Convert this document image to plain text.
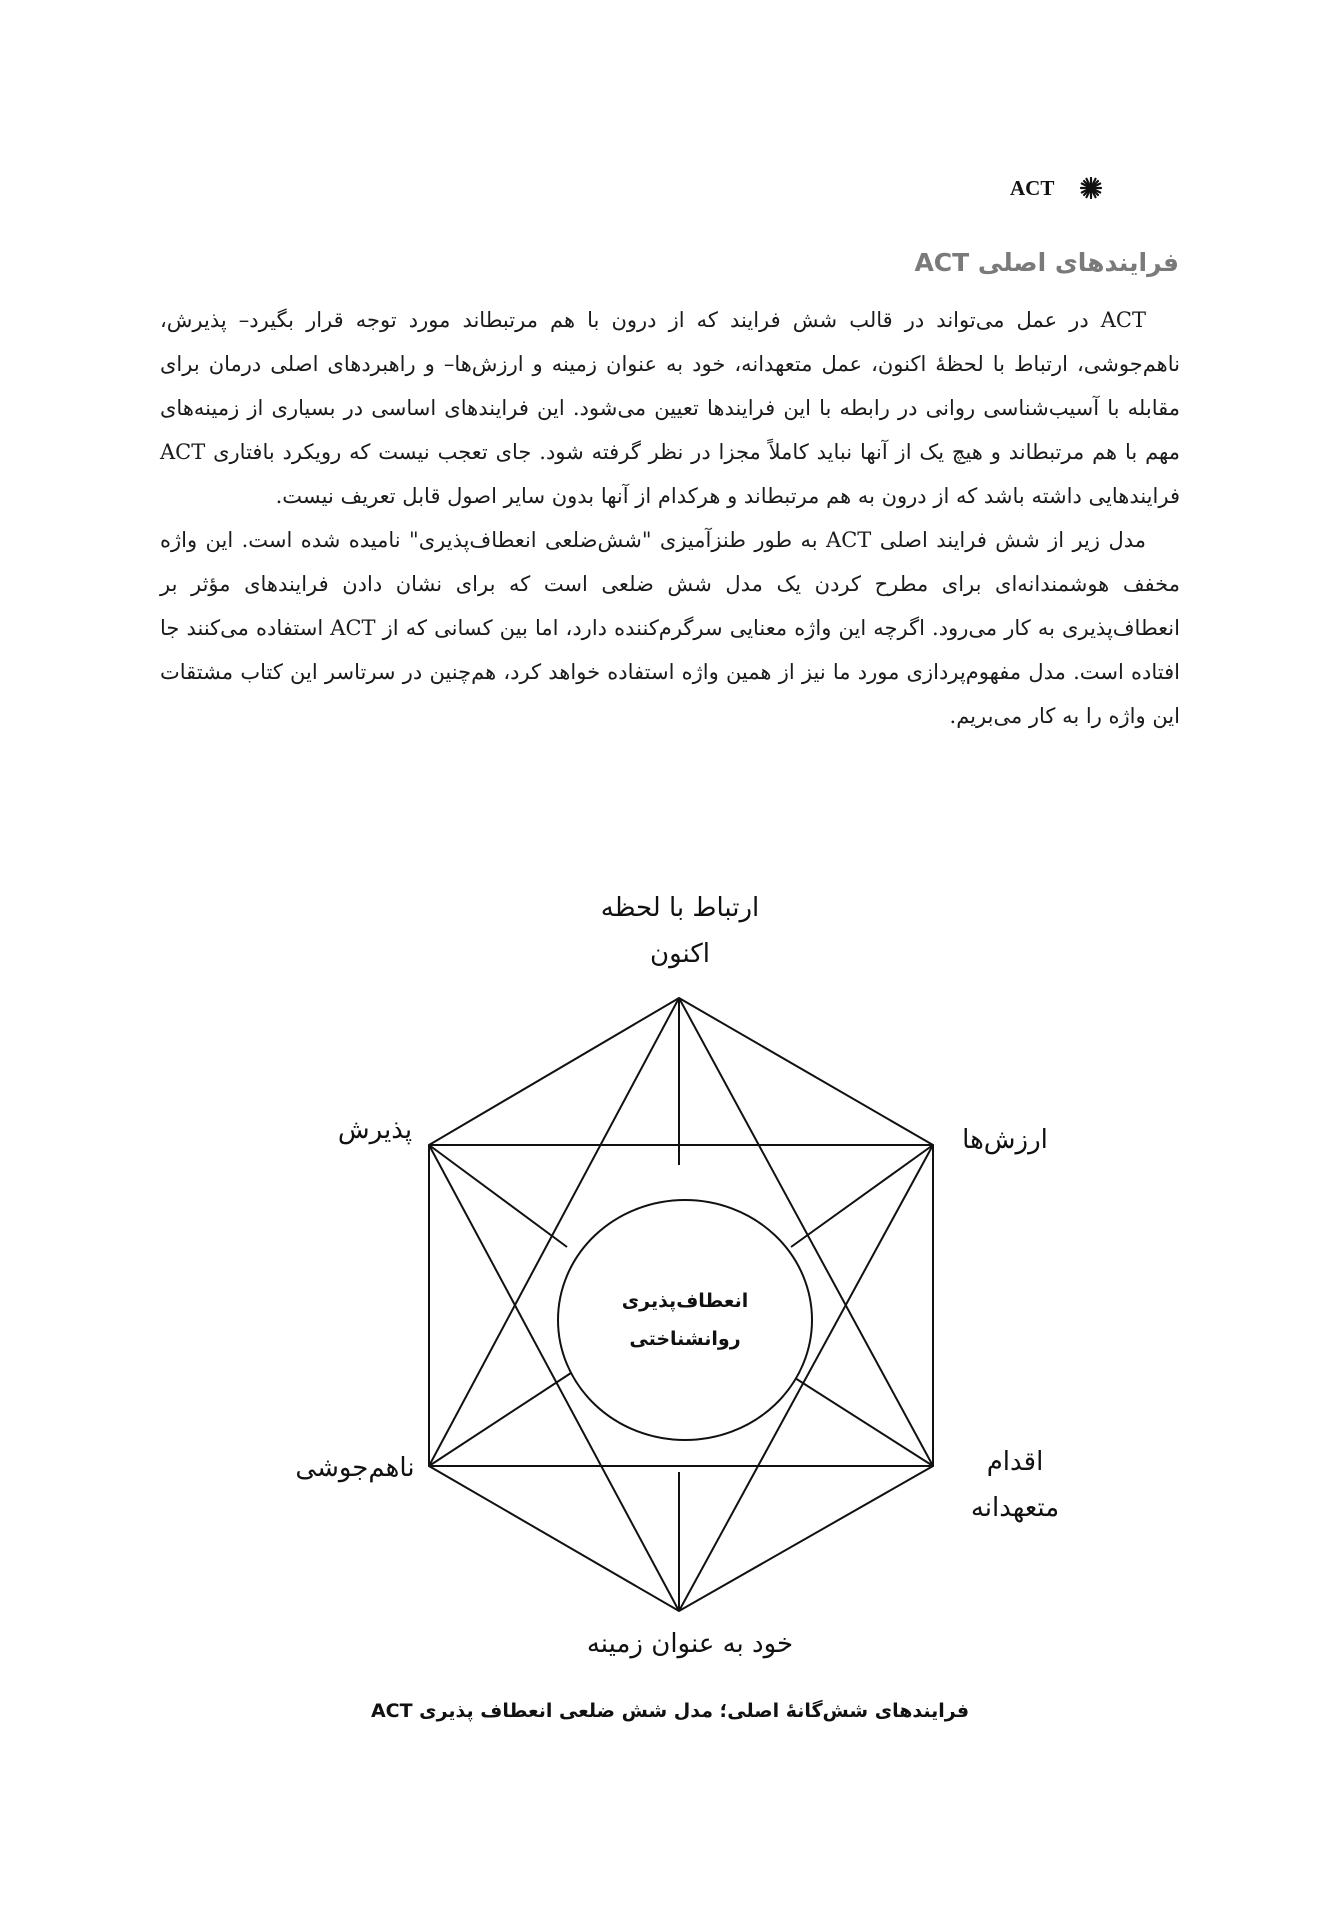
ACT
فرایندهای اصلی ACT

ACT در عمل می‌تواند در قالب شش فرایند که از درون با هم مرتبطاند مورد توجه قرار بگیرد– پذیرش، ناهم‌جوشی، ارتباط با لحظهٔ اکنون، عمل متعهدانه، خود به عنوان زمینه و ارزش‌ها– و راهبردهای اصلی درمان برای مقابله با آسیب‌شناسی روانی در رابطه با این فرایندها تعیین می‌شود. این فرایندهای اساسی در بسیاری از زمینه‌های مهم با هم مرتبطاند و هیچ یک از آنها نباید کاملاً مجزا در نظر گرفته شود. جای تعجب نیست که رویکرد بافتاری ACT فرایندهایی داشته باشد که از درون به هم مرتبطاند و هرکدام از آنها بدون سایر اصول قابل تعریف نیست.

مدل زیر از شش فرایند اصلی ACT به طور طنزآمیزی "شش‌ضلعی انعطاف‌پذیری" نامیده شده است. این واژه مخفف هوشمندانه‌ای برای مطرح کردن یک مدل شش ضلعی است که برای نشان دادن فرایندهای مؤثر بر انعطاف‌پذیری به کار می‌رود. اگرچه این واژه معنایی سرگرم‌کننده دارد، اما بین کسانی که از ACT استفاده می‌کنند جا افتاده است. مدل مفهوم‌پردازی مورد ما نیز از همین واژه استفاده خواهد کرد، هم‌چنین در سرتاسر این کتاب مشتقات این واژه را به کار می‌بریم.

ارتباط با لحظه
اکنون
پذیرش	ارزش‌ها
ناهم‌جوشی	اقدام
متعهدانه
خود به عنوان زمینه
انعطاف‌پذیری
روانشناختی
فرایندهای شش‌گانهٔ اصلی؛ مدل شش ضلعی انعطاف پذیری ACT
